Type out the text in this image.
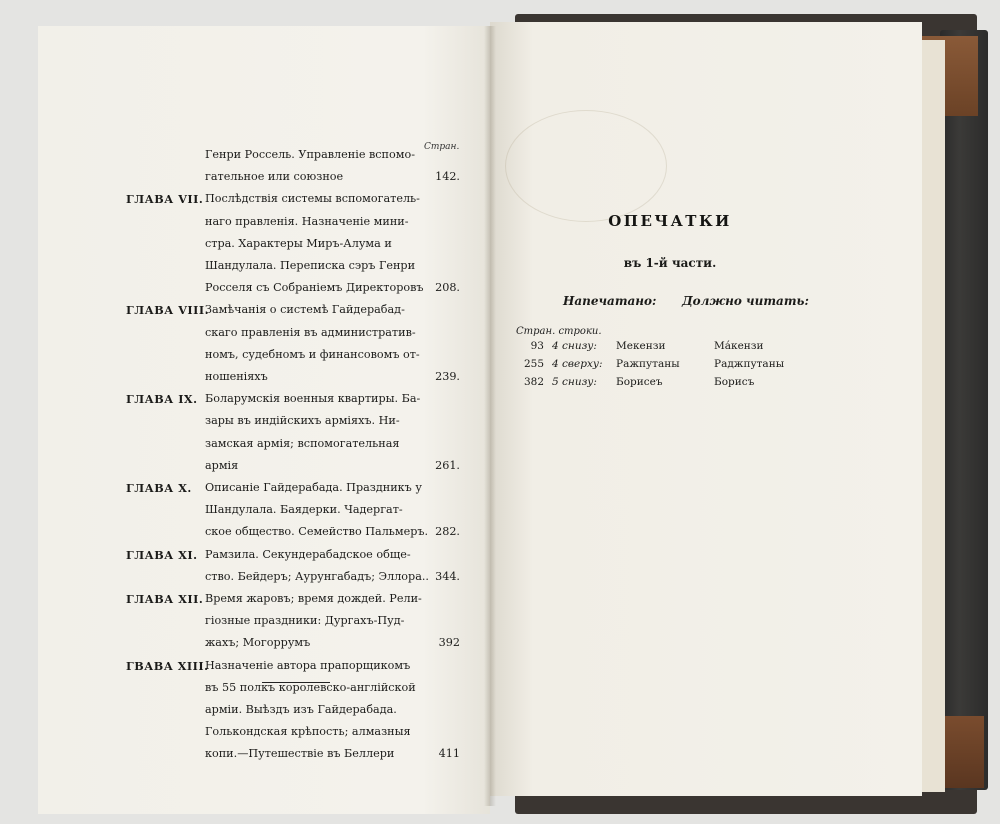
Стран.
Генри Россель. Управленіе вспомо-
гательное или союзное	142.
ГЛАВА VII. Послѣдствія системы вспомогатель-
наго правленія. Назначеніе мини-
стра. Характеры Миръ-Алума и
Шандулала. Переписка сэръ Генри
Росселя съ Собраніемъ Директоровъ	208.
ГЛАВА VIII.
Замѣчанія о системѣ Гайдерабад-
скаго правленія въ административ-
номъ, судебномъ и финансовомъ от-
ношеніяхъ	239.
ГЛАВА IX. Боларумскія военныя квартиры. Ба-
зары въ индійскихъ арміяхъ. Ни-
замская армія; вспомогательная
армія	261.
ГЛАВА X.	Описаніе Гайдерабада. Праздникъ у
Шандулала. Баядерки. Чадергат-
ское общество. Семейство Пальмеръ. 282.
ГЛАВА XI. Рамзила. Секундерабадское обще-
ство. Бейдеръ; Аурунгабадъ; Эллора.. 344.
ГЛАВА XII. Время жаровъ; время дождей. Рели-
гіозные праздники: Дургахъ-Пуд-
жахъ; Могоррумъ	392
ГВАВА XIII.
Назначеніе автора прапорщикомъ
въ 55 полкъ королевско-англійской
арміи. Выѣздъ изъ Гайдерабада.
Голькондская крѣпость; алмазныя
копи.—Путешествіе въ Беллери	411
ОПЕЧАТКИ
въ 1-й части.
Напечатано: Должно читать:
Стран. строки.
93 4 снизу: Мекензи	Мáкензи
255 4 сверху: Ражпутаны	Раджпутаны
382 5 снизу: Борисеъ	Борисъ
